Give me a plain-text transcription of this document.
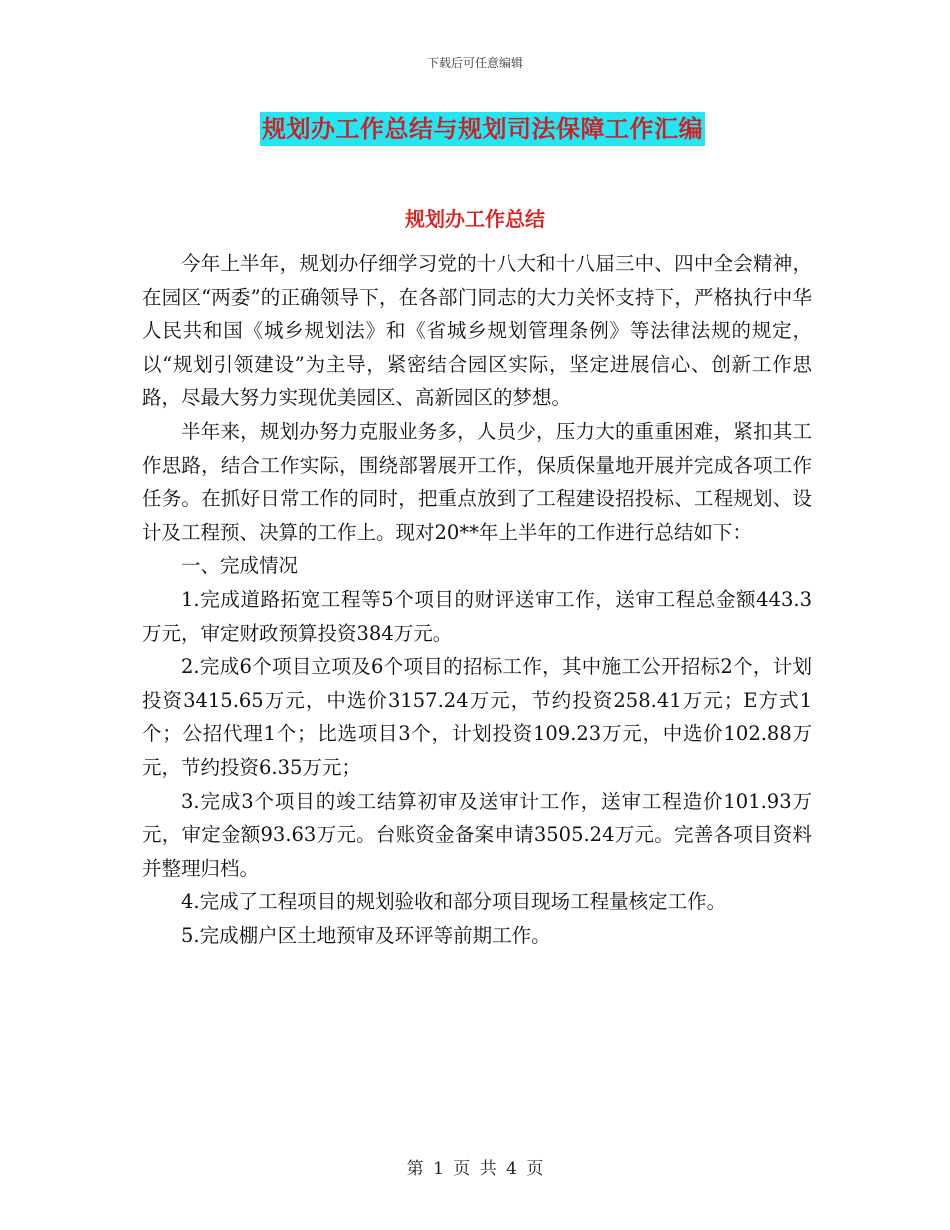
下载后可任意编辑
规划办工作总结与规划司法保障工作汇编
规划办工作总结

今年上半年，规划办仔细学习党的十八大和十八届三中、四中全会精神，在园区“两委”的正确领导下，在各部门同志的大力关怀支持下，严格执行中华人民共和国《城乡规划法》和《省城乡规划管理条例》等法律法规的规定，以“规划引领建设”为主导，紧密结合园区实际，坚定进展信心、创新工作思路，尽最大努力实现优美园区、高新园区的梦想。

半年来，规划办努力克服业务多，人员少，压力大的重重困难，紧扣其工作思路，结合工作实际，围绕部署展开工作，保质保量地开展并完成各项工作任务。在抓好日常工作的同时，把重点放到了工程建设招投标、工程规划、设计及工程预、决算的工作上。现对20**年上半年的工作进行总结如下：

一、完成情况

1.完成道路拓宽工程等5个项目的财评送审工作，送审工程总金额443.3万元，审定财政预算投资384万元。

2.完成6个项目立项及6个项目的招标工作，其中施工公开招标2个，计划投资3415.65万元，中选价3157.24万元，节约投资258.41万元；E方式1个；公招代理1个；比选项目3个，计划投资109.23万元，中选价102.88万元，节约投资6.35万元；

3.完成3个项目的竣工结算初审及送审计工作，送审工程造价101.93万元，审定金额93.63万元。台账资金备案申请3505.24万元。完善各项目资料并整理归档。

4.完成了工程项目的规划验收和部分项目现场工程量核定工作。

5.完成棚户区土地预审及环评等前期工作。

第 1 页 共 4 页
